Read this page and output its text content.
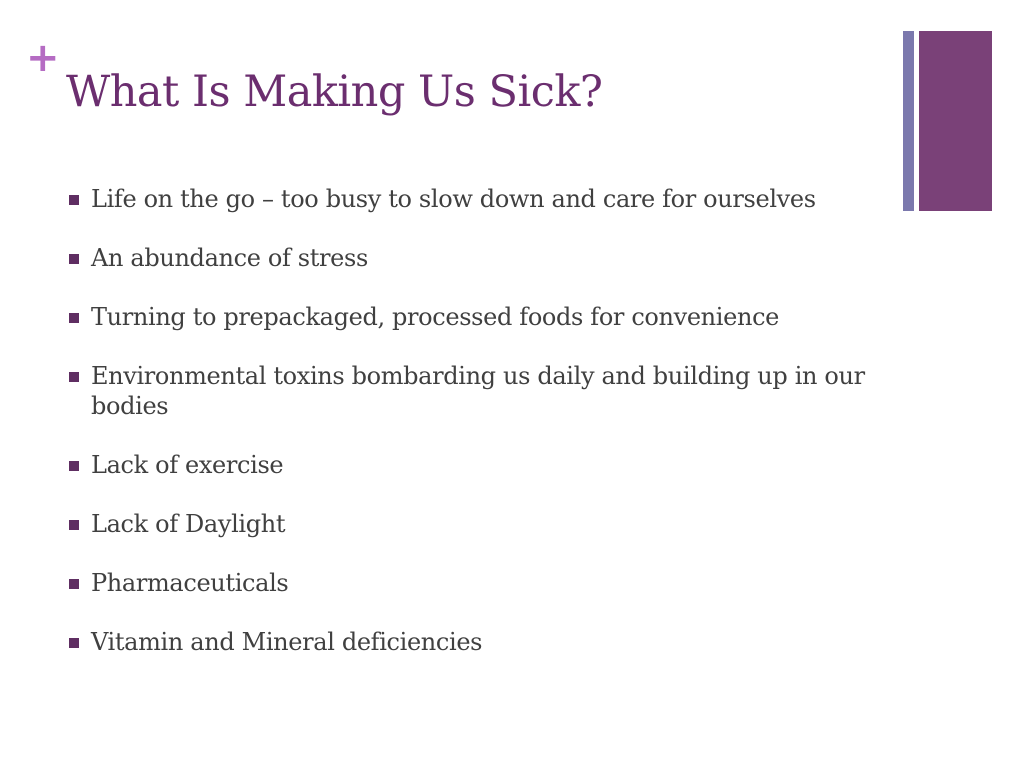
+
What Is Making Us Sick?
Life on the go – too busy to slow down and care for ourselves
An abundance of stress
Turning to prepackaged, processed foods for convenience
Environmental toxins bombarding us daily and building up in our bodies
Lack of exercise
Lack of Daylight
Pharmaceuticals
Vitamin and Mineral deficiencies
